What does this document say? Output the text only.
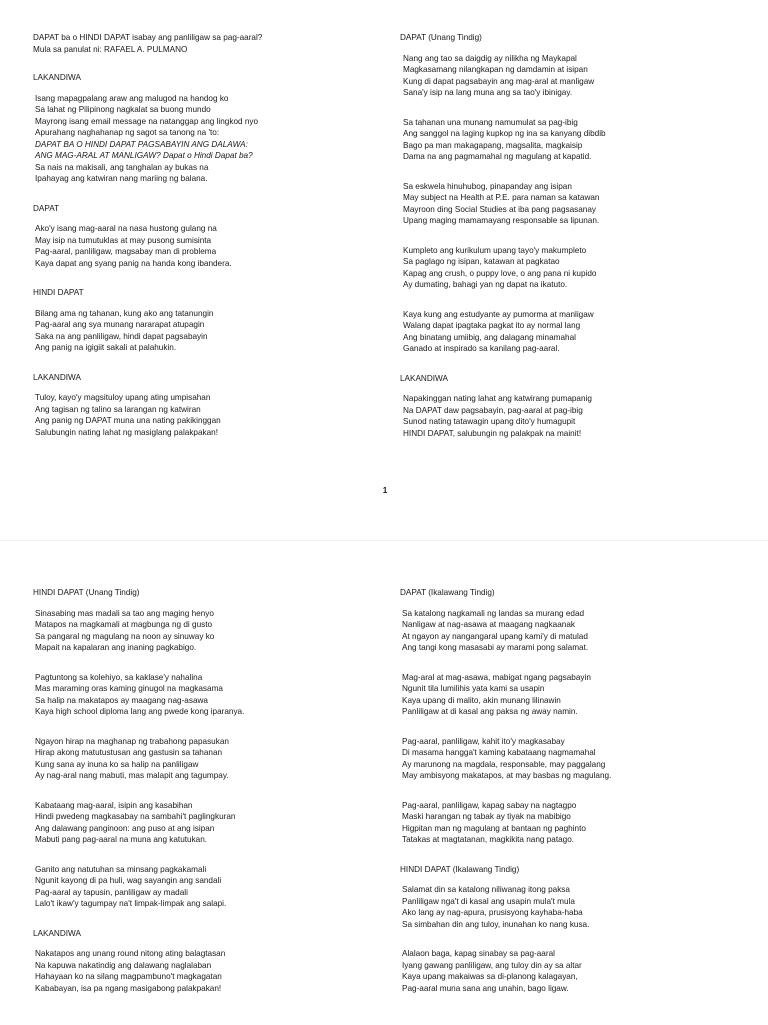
DAPAT ba o HINDI DAPAT isabay ang panliligaw sa pag-aaral?

Mula sa panulat ni: RAFAEL A. PULMANO

LAKANDIWA

Isang mapagpalang araw ang malugod na handog ko
Sa lahat ng Pilipinong nagkalat sa buong mundo
Mayrong isang email message na natanggap ang lingkod nyo
Apurahang naghahanap ng sagot sa tanong na 'to:
DAPAT BA O HINDI DAPAT PAGSABAYIN ANG DALAWA:
ANG MAG-ARAL AT MANLIGAW? Dapat o Hindi Dapat ba?
Sa nais na makisali, ang tanghalan ay bukas na
Ipahayag ang katwiran nang mariing ng balana.

DAPAT

Ako'y isang mag-aaral na nasa hustong gulang na
May isip na tumutuklas at may pusong sumisinta
Pag-aaral, panliligaw, magsabay man di problema
Kaya dapat ang syang panig na handa kong ibandera.

HINDI DAPAT

Bilang ama ng tahanan, kung ako ang tatanungin
Pag-aaral ang sya munang nararapat atupagin
Saka na ang panliligaw, hindi dapat pagsabayin
Ang panig na igigiit sakali at palahukin.

LAKANDIWA

Tuloy, kayo'y magsituloy upang ating umpisahan
Ang tagisan ng talino sa larangan ng katwiran
Ang panig ng DAPAT muna una nating pakikinggan
Salubungin nating lahat ng masiglang palakpakan!

DAPAT (Unang Tindig)

Nang ang tao sa daigdig ay nilikha ng Maykapal
Magkasamang nilangkapan ng damdamin at isipan
Kung di dapat pagsabayin ang mag-aral at manligaw
Sana'y isip na lang muna ang sa tao'y ibinigay.
Sa tahanan una munang namumulat sa pag-ibig
Ang sanggol na laging kupkop ng ina sa kanyang dibdib
Bago pa man makagapang, magsalita, magkaisip
Dama na ang pagmamahal ng magulang at kapatid.
Sa eskwela hinuhubog, pinapanday ang isipan
May subject na Health at P.E. para naman sa katawan
Mayroon ding Social Studies at iba pang pagsasanay
Upang maging mamamayang responsable sa lipunan.
Kumpleto ang kurikulum upang tayo'y makumpleto
Sa paglago ng isipan, katawan at pagkatao
Kapag ang crush, o puppy love, o ang pana ni kupido
Ay dumating, bahagi yan ng dapat na ikatuto.
Kaya kung ang estudyante ay pumorma at manligaw
Walang dapat ipagtaka pagkat ito ay normal lang
Ang binatang umiibig, ang dalagang minamahal
Ganado at inspirado sa kanilang pag-aaral.

LAKANDIWA

Napakinggan nating lahat ang katwirang pumapanig
Na DAPAT daw pagsabayin, pag-aaral at pag-ibig
Sunod nating tatawagin upang dito'y humagupit
HINDI DAPAT, salubungin ng palakpak na mainit!
1

HINDI DAPAT (Unang Tindig)

Sinasabing mas madali sa tao ang maging henyo
Matapos na magkamali at magbunga ng di gusto
Sa pangaral ng magulang na noon ay sinuway ko
Mapait na kapalaran ang inaning pagkabigo.
Pagtuntong sa kolehiyo, sa kaklase'y nahalina
Mas maraming oras kaming ginugol na magkasama
Sa halip na makatapos ay maagang nag-asawa
Kaya high school diploma lang ang pwede kong iparanya.
Ngayon hirap na maghanap ng trabahong papasukan
Hirap akong matutustusan ang gastusin sa tahanan
Kung sana ay inuna ko sa halip na panliligaw
Ay nag-aral nang mabuti, mas malapit ang tagumpay.
Kabataang mag-aaral, isipin ang kasabihan
Hindi pwedeng magkasabay na sambahi't paglingkuran
Ang dalawang panginoon: ang puso at ang isipan
Mabuti pang pag-aaral na muna ang katutukan.
Ganito ang natutuhan sa minsang pagkakamali
Ngunit kayong di pa huli, wag sayangin ang sandali
Pag-aaral ay tapusin, panliligaw ay madali
Lalo't ikaw'y tagumpay na't limpak-limpak ang salapi.

LAKANDIWA

Nakatapos ang unang round nitong ating balagtasan
Na kapuwa nakatindig ang dalawang naglalaban
Hahayaan ko na silang magpambuno't magkagatan
Kababayan, isa pa ngang masigabong palakpakan!

DAPAT (Ikalawang Tindig)

Sa katalong nagkamali ng landas sa murang edad
Nanligaw at nag-asawa at maagang nagkaanak
At ngayon ay nangangaral upang kami'y di matulad
Ang tangi kong masasabi ay marami pong salamat.
Mag-aral at mag-asawa, mabigat ngang pagsabayin
Ngunit tila lumilihis yata kami sa usapin
Kaya upang di malito, akin munang lilinawin
Panliligaw at di kasal ang paksa ng away namin.
Pag-aaral, panliligaw, kahit ito'y magkasabay
Di masama hangga't kaming kabataang nagmamahal
Ay marunong na magdala, responsable, may paggalang
May ambisyong makatapos, at may basbas ng magulang.
Pag-aaral, panliligaw, kapag sabay na nagtagpo
Maski harangan ng tabak ay tiyak na mabibigo
Higpitan man ng magulang at bantaan ng paghinto
Tatakas at magtatanan, magkikita nang patago.

HINDI DAPAT (Ikalawang Tindig)

Salamat din sa katalong niliwanag itong paksa
Panliligaw nga't di kasal ang usapin mula't mula
Ako lang ay nag-apura, prusisyong kayhaba-haba
Sa simbahan din ang tuloy, inunahan ko nang kusa.
Alalaon baga, kapag sinabay sa pag-aaral
Iyang gawang panliligaw, ang tuloy din ay sa altar
Kaya upang makaiwas sa di-planong kalagayan,
Pag-aaral muna sana ang unahin, bago ligaw.
